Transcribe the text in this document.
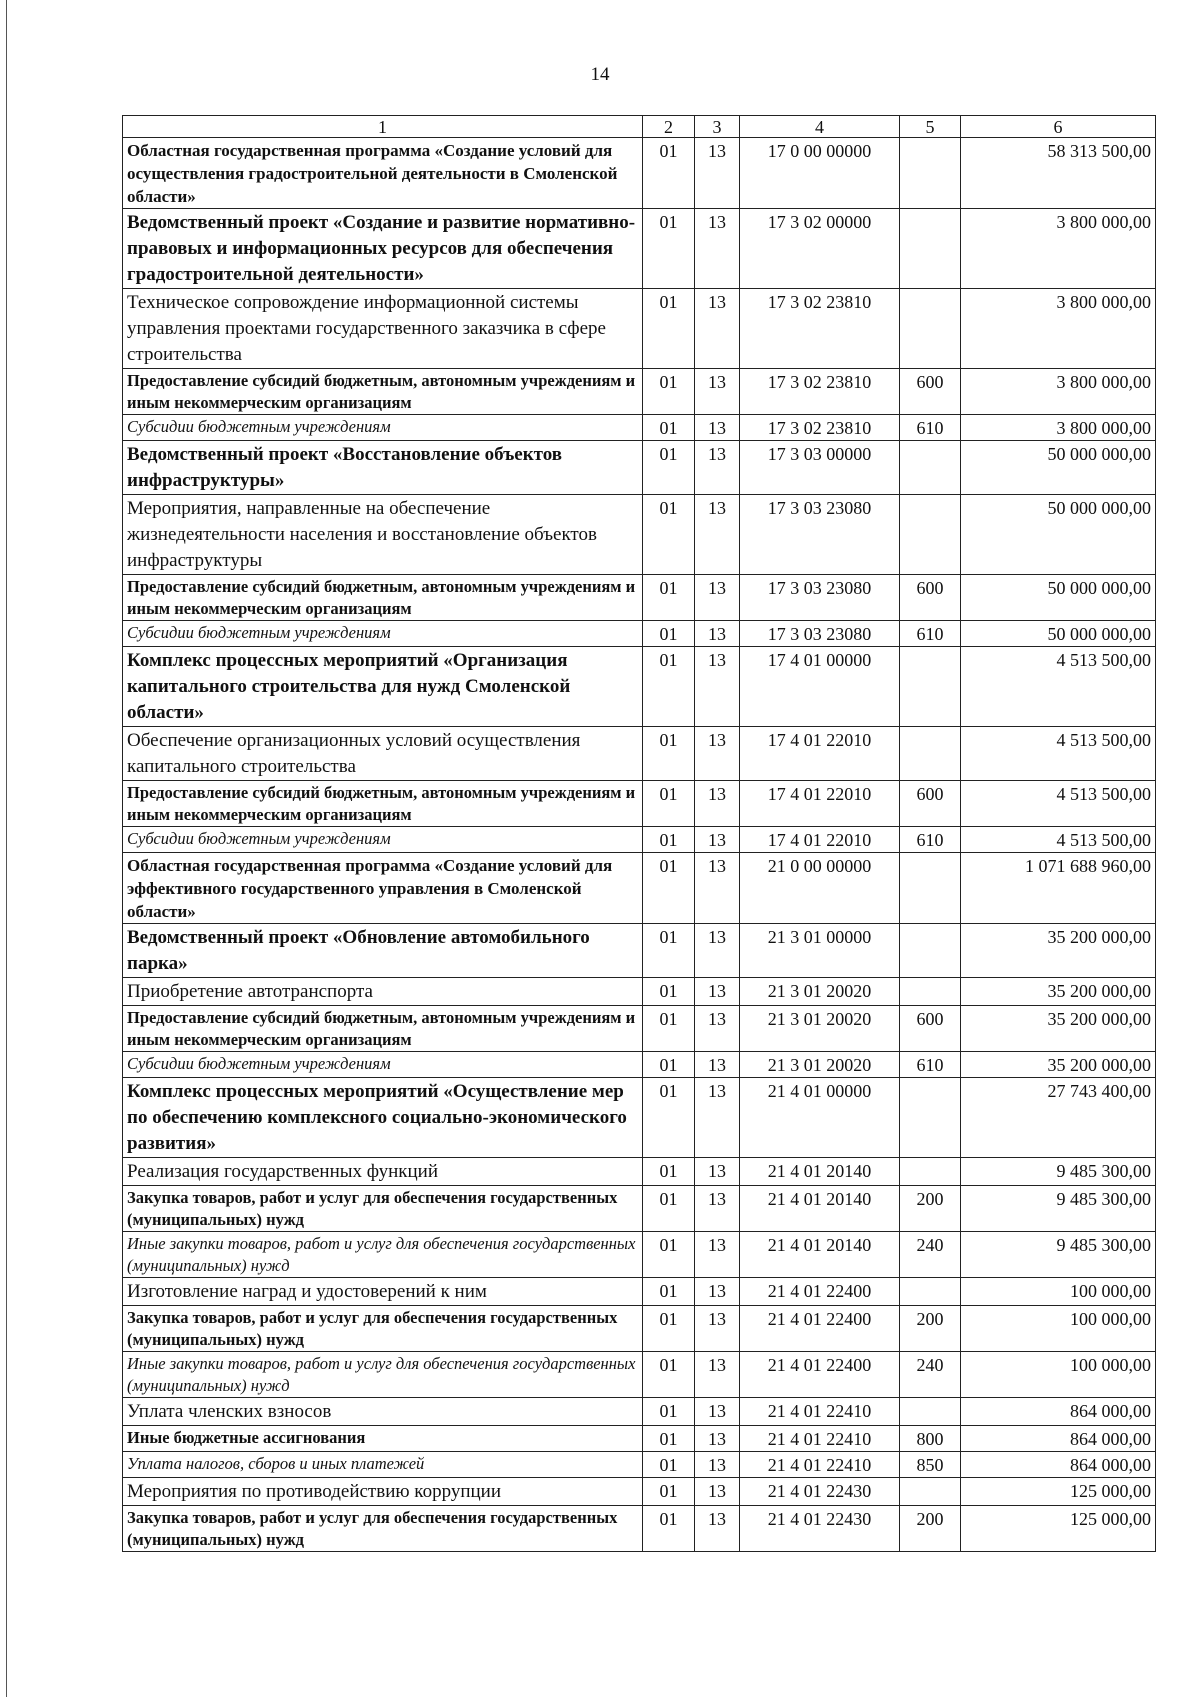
14
1	2	3	4	5	6
Областная государственная программа «Создание условий для осуществления градостроительной деятельности в Смоленской области»	01	13	17 0 00 00000		58 313 500,00
Ведомственный проект «Создание и развитие нормативно-правовых и информационных ресурсов для обеспечения градостроительной деятельности»	01	13	17 3 02 00000		3 800 000,00
Техническое сопровождение информационной системы управления проектами государственного заказчика в сфере строительства	01	13	17 3 02 23810		3 800 000,00
Предоставление субсидий бюджетным, автономным учреждениям и иным некоммерческим организациям	01	13	17 3 02 23810	600	3 800 000,00
Субсидии бюджетным учреждениям	01	13	17 3 02 23810	610	3 800 000,00
Ведомственный проект «Восстановление объектов инфраструктуры»	01	13	17 3 03 00000		50 000 000,00
Мероприятия, направленные на обеспечение жизнедеятельности населения и восстановление объектов инфраструктуры	01	13	17 3 03 23080		50 000 000,00
Предоставление субсидий бюджетным, автономным учреждениям и иным некоммерческим организациям	01	13	17 3 03 23080	600	50 000 000,00
Субсидии бюджетным учреждениям	01	13	17 3 03 23080	610	50 000 000,00
Комплекс процессных мероприятий «Организация капитального строительства для нужд Смоленской области»	01	13	17 4 01 00000		4 513 500,00
Обеспечение организационных условий осуществления капитального строительства	01	13	17 4 01 22010		4 513 500,00
Предоставление субсидий бюджетным, автономным учреждениям и иным некоммерческим организациям	01	13	17 4 01 22010	600	4 513 500,00
Субсидии бюджетным учреждениям	01	13	17 4 01 22010	610	4 513 500,00
Областная государственная программа «Создание условий для эффективного государственного управления в Смоленской области»	01	13	21 0 00 00000		1 071 688 960,00
Ведомственный проект «Обновление автомобильного парка»	01	13	21 3 01 00000		35 200 000,00
Приобретение автотранспорта	01	13	21 3 01 20020		35 200 000,00
Предоставление субсидий бюджетным, автономным учреждениям и иным некоммерческим организациям	01	13	21 3 01 20020	600	35 200 000,00
Субсидии бюджетным учреждениям	01	13	21 3 01 20020	610	35 200 000,00
Комплекс процессных мероприятий «Осуществление мер по обеспечению комплексного социально-экономического развития»	01	13	21 4 01 00000		27 743 400,00
Реализация государственных функций	01	13	21 4 01 20140		9 485 300,00
Закупка товаров, работ и услуг для обеспечения государственных (муниципальных) нужд	01	13	21 4 01 20140	200	9 485 300,00
Иные закупки товаров, работ и услуг для обеспечения государственных (муниципальных) нужд	01	13	21 4 01 20140	240	9 485 300,00
Изготовление наград и удостоверений к ним	01	13	21 4 01 22400		100 000,00
Закупка товаров, работ и услуг для обеспечения государственных (муниципальных) нужд	01	13	21 4 01 22400	200	100 000,00
Иные закупки товаров, работ и услуг для обеспечения государственных (муниципальных) нужд	01	13	21 4 01 22400	240	100 000,00
Уплата членских взносов	01	13	21 4 01 22410		864 000,00
Иные бюджетные ассигнования	01	13	21 4 01 22410	800	864 000,00
Уплата налогов, сборов и иных платежей	01	13	21 4 01 22410	850	864 000,00
Мероприятия по противодействию коррупции	01	13	21 4 01 22430		125 000,00
Закупка товаров, работ и услуг для обеспечения государственных (муниципальных) нужд	01	13	21 4 01 22430	200	125 000,00
